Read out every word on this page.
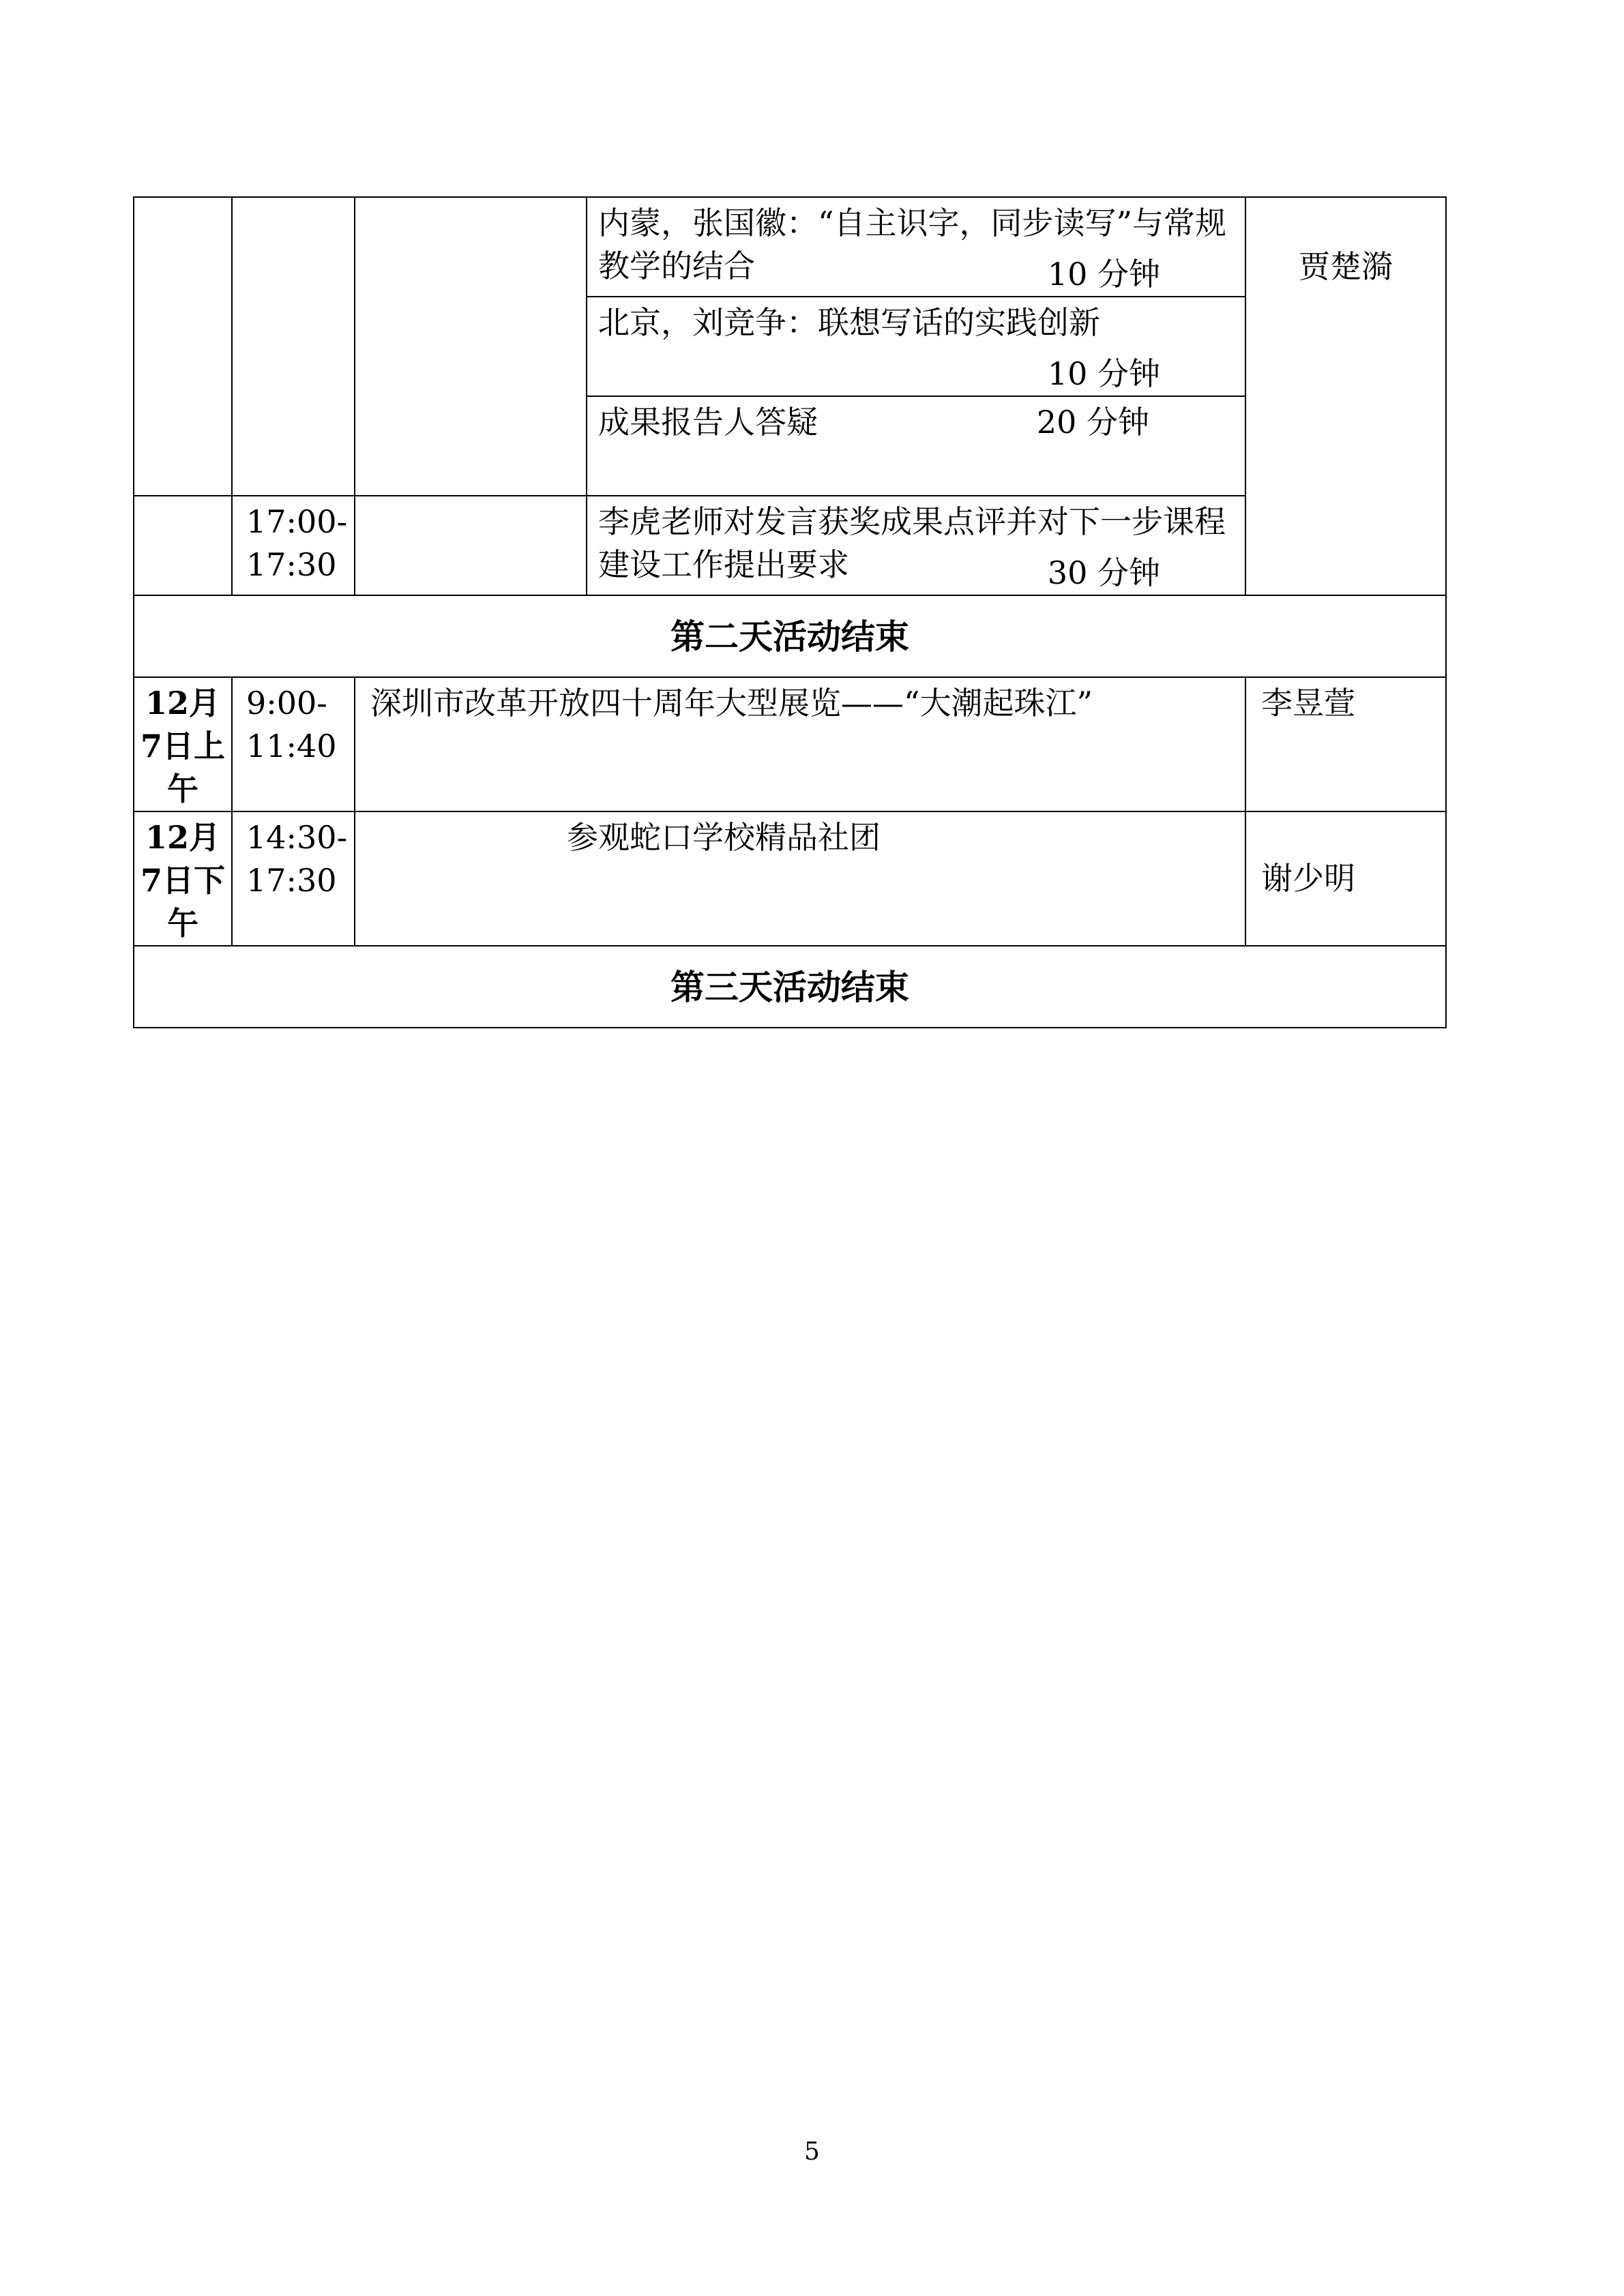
			内蒙，张国徽：“自主识字，同步读写”与常规教学的结合 10 分钟	贾楚漪
			北京，刘竞争：联想写话的实践创新
10 分钟	

			成果报告人答疑 20 分钟	

	17:00-17:30		李虎老师对发言获奖成果点评并对下一步课程建设工作提出要求 30 分钟	

第二天活动结束				
12月7日上午	9:00-11:40	深圳市改革开放四十周年大型展览——“大潮起珠江”		李昱萱
12月7日下午	14:30-17:30	参观蛇口学校精品社团		谢少明
第三天活动结束				
5
